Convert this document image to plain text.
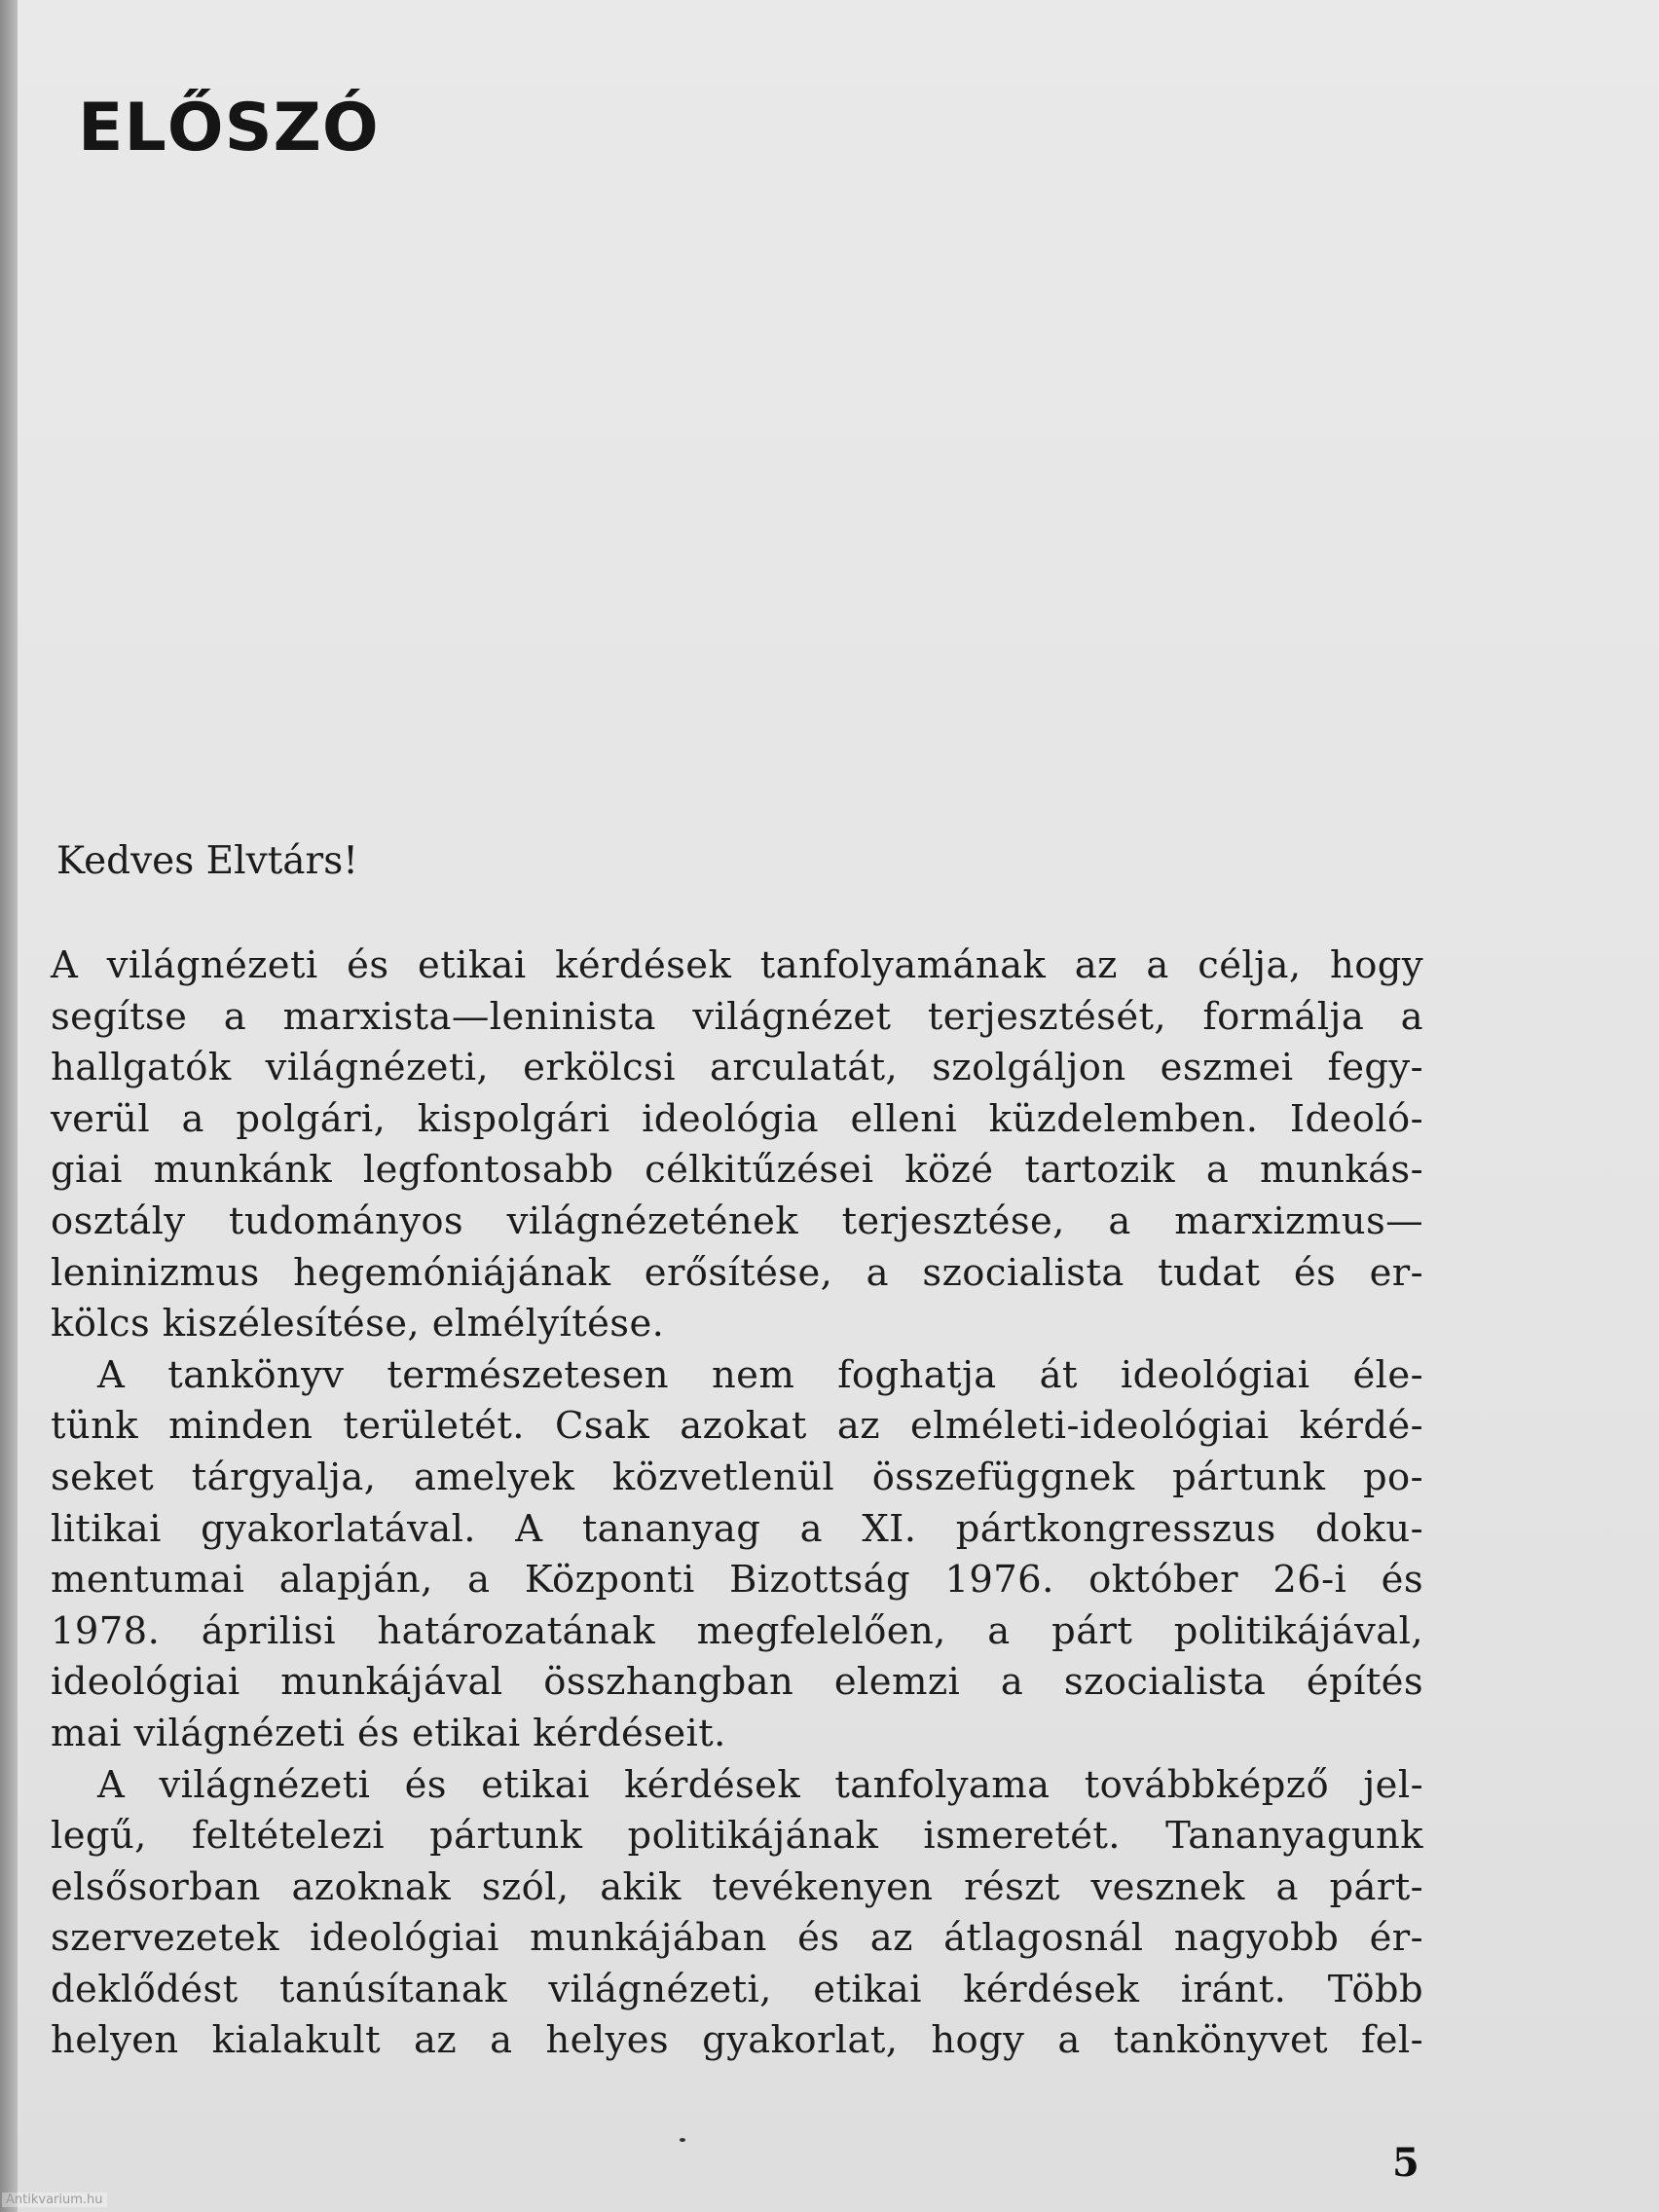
ELŐSZÓ

Kedves Elvtárs!

A világnézeti és etikai kérdések tanfolyamának az a célja, hogy
segítse a marxista—leninista világnézet terjesztését, formálja a
hallgatók világnézeti, erkölcsi arculatát, szolgáljon eszmei fegy-
verül a polgári, kispolgári ideológia elleni küzdelemben. Ideoló-
giai munkánk legfontosabb célkitűzései közé tartozik a munkás-
osztály tudományos világnézetének terjesztése, a marxizmus—
leninizmus hegemóniájának erősítése, a szocialista tudat és er-
kölcs kiszélesítése, elmélyítése.
A tankönyv természetesen nem foghatja át ideológiai éle-
tünk minden területét. Csak azokat az elméleti-ideológiai kérdé-
seket tárgyalja, amelyek közvetlenül összefüggnek pártunk po-
litikai gyakorlatával. A tananyag a XI. pártkongresszus doku-
mentumai alapján, a Központi Bizottság 1976. október 26-i és
1978. áprilisi határozatának megfelelően, a párt politikájával,
ideológiai munkájával összhangban elemzi a szocialista építés
mai világnézeti és etikai kérdéseit.
A világnézeti és etikai kérdések tanfolyama továbbképző jel-
legű, feltételezi pártunk politikájának ismeretét. Tananyagunk
elsősorban azoknak szól, akik tevékenyen részt vesznek a párt-
szervezetek ideológiai munkájában és az átlagosnál nagyobb ér-
deklődést tanúsítanak világnézeti, etikai kérdések iránt. Több
helyen kialakult az a helyes gyakorlat, hogy a tankönyvet fel-

5

Antikvarium.hu
